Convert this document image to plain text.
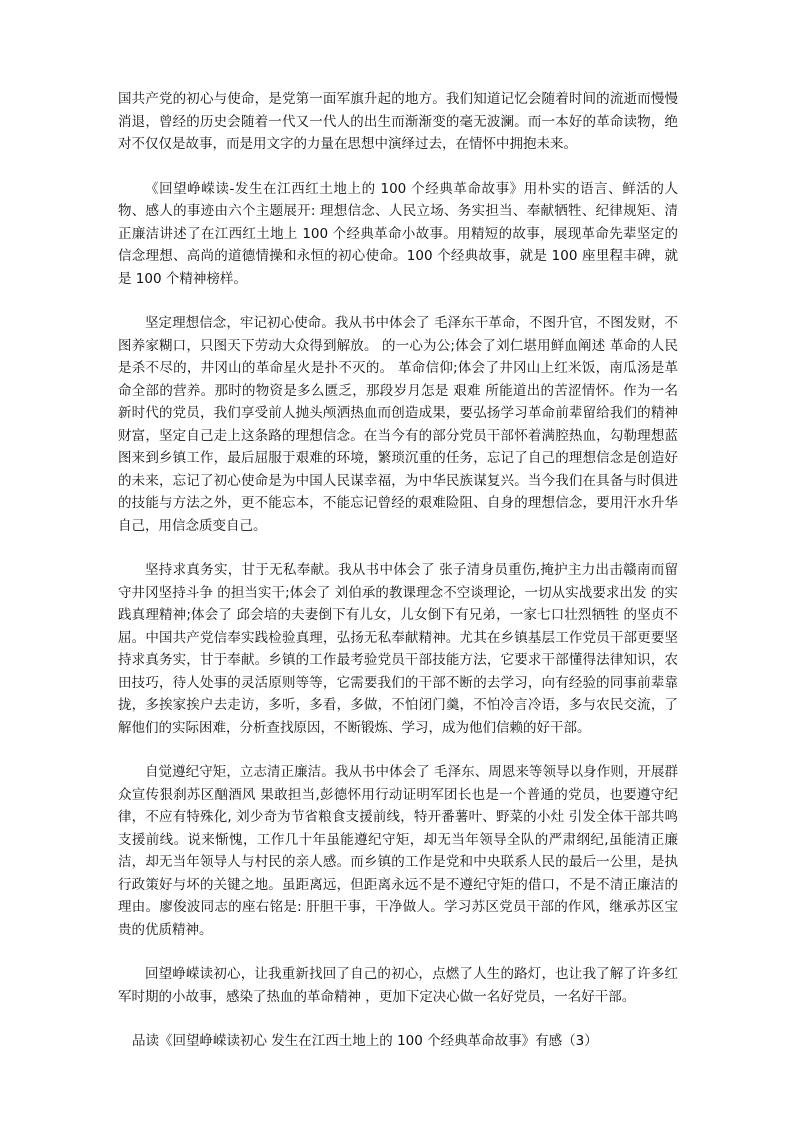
国共产党的初心与使命，是党第一面军旗升起的地方。我们知道记忆会随着时间的流逝而慢慢消退，曾经的历史会随着一代又一代人的出生而渐渐变的毫无波澜。而一本好的革命读物，绝对不仅仅是故事，而是用文字的力量在思想中演绎过去，在情怀中拥抱未来。

《回望峥嵘读-发生在江西红土地上的 100 个经典革命故事》用朴实的语言、鲜活的人物、感人的事迹由六个主题展开: 理想信念、人民立场、务实担当、奉献牺牲、纪律规矩、清正廉洁讲述了在江西红土地上 100 个经典革命小故事。用精短的故事，展现革命先辈坚定的信念理想、高尚的道德情操和永恒的初心使命。100 个经典故事，就是 100 座里程丰碑，就是 100 个精神榜样。

坚定理想信念，牢记初心使命。我从书中体会了 毛泽东干革命，不图升官，不图发财，不图养家糊口，只图天下劳动大众得到解放。 的一心为公;体会了刘仁堪用鲜血阐述 革命的人民是杀不尽的，井冈山的革命星火是扑不灭的。 革命信仰;体会了井冈山上红米饭，南瓜汤是革命全部的营养。那时的物资是多么匮乏，那段岁月怎是 艰难 所能道出的苦涩情怀。作为一名新时代的党员，我们享受前人抛头颅洒热血而创造成果，要弘扬学习革命前辈留给我们的精神财富，坚定自己走上这条路的理想信念。在当今有的部分党员干部怀着满腔热血，勾勒理想蓝图来到乡镇工作，最后屈服于艰难的环境，繁琐沉重的任务，忘记了自己的理想信念是创造好的未来，忘记了初心使命是为中国人民谋幸福，为中华民族谋复兴。当今我们在具备与时俱进的技能与方法之外，更不能忘本，不能忘记曾经的艰难险阻、自身的理想信念，要用汗水升华自己，用信念质变自己。

坚持求真务实，甘于无私奉献。我从书中体会了 张子清身员重伤,掩护主力出击赣南而留守井冈坚持斗争 的担当实干;体会了 刘伯承的教课理念不空谈理论，一切从实战要求出发 的实践真理精神;体会了 邱会培的夫妻倒下有儿女，儿女倒下有兄弟，一家七口壮烈牺牲 的坚贞不屈。中国共产党信奉实践检验真理，弘扬无私奉献精神。尤其在乡镇基层工作党员干部更要坚持求真务实，甘于奉献。乡镇的工作最考验党员干部技能方法，它要求干部懂得法律知识，农田技巧，待人处事的灵活原则等等，它需要我们的干部不断的去学习，向有经验的同事前辈靠拢，多挨家挨户去走访，多听，多看，多做，不怕闭门羹，不怕冷言冷语，多与农民交流，了解他们的实际困难，分析查找原因，不断锻炼、学习，成为他们信赖的好干部。

自觉遵纪守矩，立志清正廉洁。我从书中体会了 毛泽东、周恩来等领导以身作则，开展群众宣传狠刹苏区酗酒风 果敢担当,彭德怀用行动证明军团长也是一个普通的党员，也要遵守纪律，不应有特殊化, 刘少奇为节省粮食支援前线，特开番薯叶、野菜的小灶 引发全体干部共鸣支援前线。说来惭愧，工作几十年虽能遵纪守矩，却无当年领导全队的严肃纲纪,虽能清正廉洁，却无当年领导人与村民的亲人感。而乡镇的工作是党和中央联系人民的最后一公里，是执行政策好与坏的关键之地。虽距离远，但距离永远不是不遵纪守矩的借口，不是不清正廉洁的理由。廖俊波同志的座右铭是: 肝胆干事，干净做人。学习苏区党员干部的作风，继承苏区宝贵的优质精神。

回望峥嵘读初心，让我重新找回了自己的初心，点燃了人生的路灯，也让我了解了许多红军时期的小故事，感染了热血的革命精神 ，更加下定决心做一名好党员，一名好干部。

品读《回望峥嵘读初心 发生在江西土地上的 100 个经典革命故事》有感（3）
